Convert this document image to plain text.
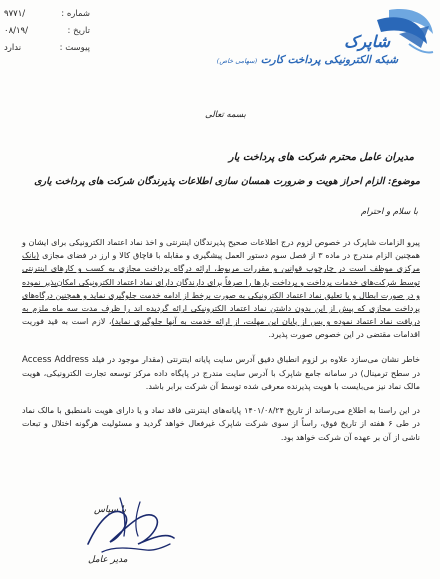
شماره :
۹۷۷۱/
تاریخ :
۰۸/۱۹/
پیوست :
ندارد	شاپرک
شبکه الکترونیکی پرداخت کارت (سهامی خاص)
بسمه تعالی
مدیران عامل محترم شرکت های پرداخت یار
موضوع: الزام احراز هویت و ضرورت همسان سازی اطلاعات پذیرندگان شرکت های پرداخت یاری
با سلام و احترام

پیرو الزامات شاپرک در خصوص لزوم درج اطلاعات صحیح پذیرندگان اینترنتی و اخذ نماد اعتماد الکترونیکی برای ایشان و همچنین الزام مندرج در ماده ۳ از فصل سوم دستور العمل پیشگیری و مقابله با قاچاق کالا و ارز در فضای مجازی (بانک مرکزی موظف است در چارچوب قوانین و مقررات مربوط، ارائه درگاه پرداخت مجازی به کسب و کارهای اینترنتی توسط شرکت‌های خدمات پرداخت و پرداخت یارها را صرفاً برای دارندگان دارای نماد اعتماد الکترونیکی امکان‌پذیر نموده و در صورت ابطال و یا تعلیق نماد اعتماد الکترونیکی به صورت برخط از ادامه خدمت جلوگیری نماید و همچنین درگاه‌های پرداخت مجازی که پیش از این بدون داشتن نماد اعتماد الکترونیکی ارائه گردیده اند را ظرف مدت سه ماه ملزم به دریافت نماد اعتماد نموده و پس از پایان این مهلت، از ارائه خدمت به آنها جلوگیری نماید)، لازم است به قید فوریت اقدامات مقتضی در این خصوص صورت پذیرد.

خاطر نشان می‌سازد علاوه بر لزوم انطباق دقیق آدرس سایت پایانه اینترنتی (مقدار موجود در فیلد Access Address در سطح ترمینال) در سامانه جامع شاپرک با آدرس سایت مندرج در پایگاه داده مرکز توسعه تجارت الکترونیکی، هویت مالک نماد نیز می‌بایست با هویت پذیرنده معرفی شده توسط آن شرکت برابر باشد.

در این راستا به اطلاع می‌رساند از تاریخ ۱۴۰۱/۰۸/۲۴ پایانه‌های اینترنتی فاقد نماد و یا دارای هویت نامنطبق با مالک نماد در طی ۶ هفته از تاریخ فوق، راساً از سوی شرکت شاپرک غیرفعال خواهد گردید و مسئولیت هرگونه اختلال و تبعات ناشی از آن بر عهده آن شرکت خواهد بود.

با سپاس
مدیر عامل
